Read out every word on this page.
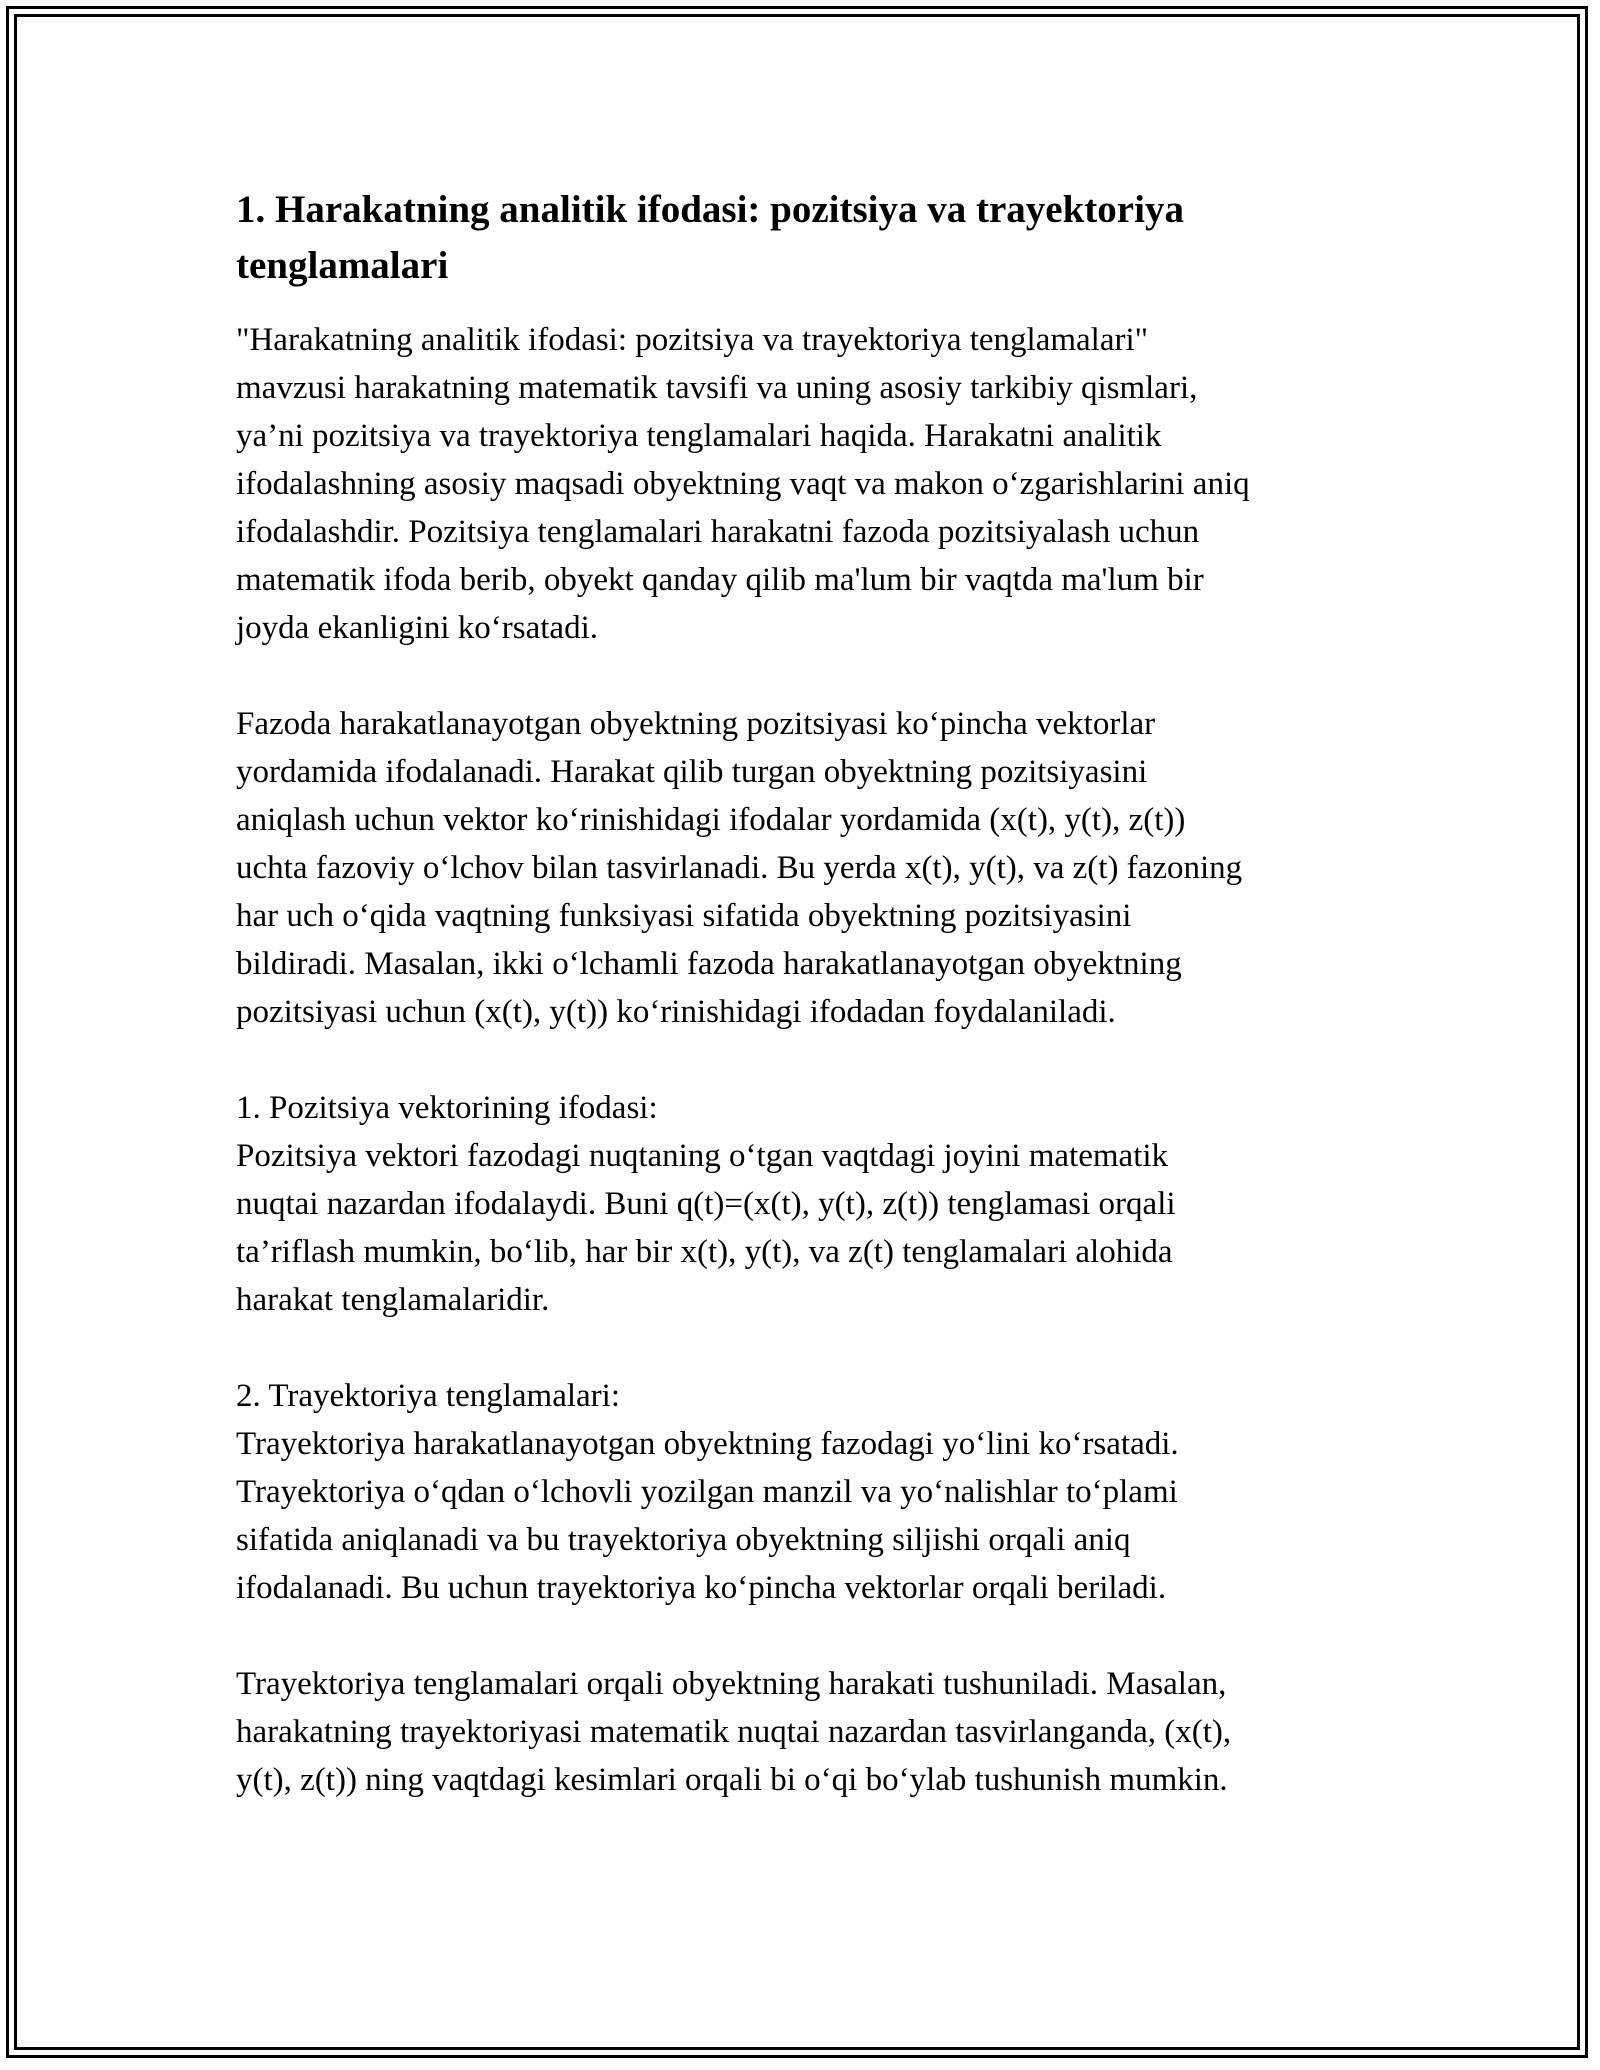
1. Harakatning analitik ifodasi: pozitsiya va trayektoriya tenglamalari

"Harakatning analitik ifodasi: pozitsiya va trayektoriya tenglamalari"
mavzusi harakatning matematik tavsifi va uning asosiy tarkibiy qismlari,
ya’ni pozitsiya va trayektoriya tenglamalari haqida. Harakatni analitik
ifodalashning asosiy maqsadi obyektning vaqt va makon o‘zgarishlarini aniq
ifodalashdir. Pozitsiya tenglamalari harakatni fazoda pozitsiyalash uchun
matematik ifoda berib, obyekt qanday qilib ma'lum bir vaqtda ma'lum bir
joyda ekanligini ko‘rsatadi.

Fazoda harakatlanayotgan obyektning pozitsiyasi ko‘pincha vektorlar
yordamida ifodalanadi. Harakat qilib turgan obyektning pozitsiyasini
aniqlash uchun vektor ko‘rinishidagi ifodalar yordamida (x(t), y(t), z(t))
uchta fazoviy o‘lchov bilan tasvirlanadi. Bu yerda x(t), y(t), va z(t) fazoning
har uch o‘qida vaqtning funksiyasi sifatida obyektning pozitsiyasini
bildiradi. Masalan, ikki o‘lchamli fazoda harakatlanayotgan obyektning
pozitsiyasi uchun (x(t), y(t)) ko‘rinishidagi ifodadan foydalaniladi.

1. Pozitsiya vektorining ifodasi:

Pozitsiya vektori fazodagi nuqtaning o‘tgan vaqtdagi joyini matematik
nuqtai nazardan ifodalaydi. Buni q(t)=(x(t), y(t), z(t)) tenglamasi orqali
ta’riflash mumkin, bo‘lib, har bir x(t), y(t), va z(t) tenglamalari alohida
harakat tenglamalaridir.

2. Trayektoriya tenglamalari:

Trayektoriya harakatlanayotgan obyektning fazodagi yo‘lini ko‘rsatadi.
Trayektoriya o‘qdan o‘lchovli yozilgan manzil va yo‘nalishlar to‘plami
sifatida aniqlanadi va bu trayektoriya obyektning siljishi orqali aniq
ifodalanadi. Bu uchun trayektoriya ko‘pincha vektorlar orqali beriladi.

Trayektoriya tenglamalari orqali obyektning harakati tushuniladi. Masalan,
harakatning trayektoriyasi matematik nuqtai nazardan tasvirlanganda, (x(t),
y(t), z(t)) ning vaqtdagi kesimlari orqali bi o‘qi bo‘ylab tushunish mumkin.
